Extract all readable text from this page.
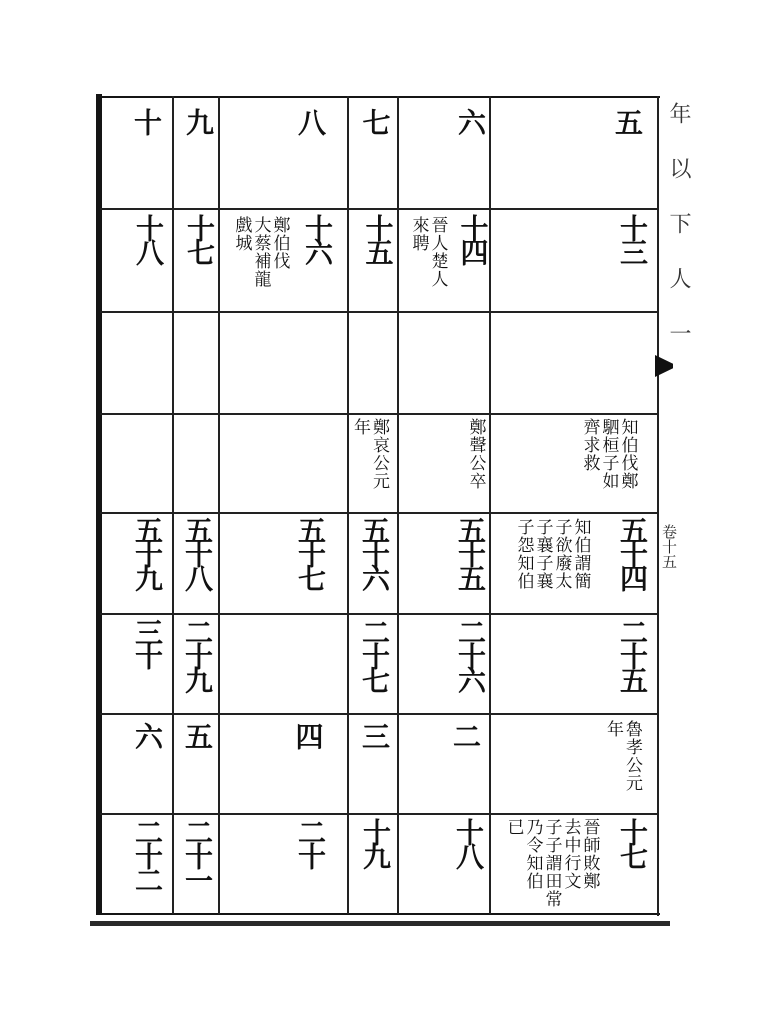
年 以 下 人 一
卷十五
五
六
七
八
九
十
十三
十四
晉人楚人
來聘
十五
十六
鄭伯伐
大蔡補龍
戲城
十七
十八
知伯伐鄭
駟桓子如
齊求救
鄭聲公卒
鄭哀公元
年
五十四
知伯謂簡
子欲廢太
子襄子襄
子怨知伯
五十五
五十六
五十七
五十八
五十九
二十五
二十六
二十七
二十九
三十
魯孝公元
年
二
三
四
五
六
十七
晉師敗鄭
去中行文
子子謂田常
乃令知伯
已
十八
十九
二十
二十一
二十二
